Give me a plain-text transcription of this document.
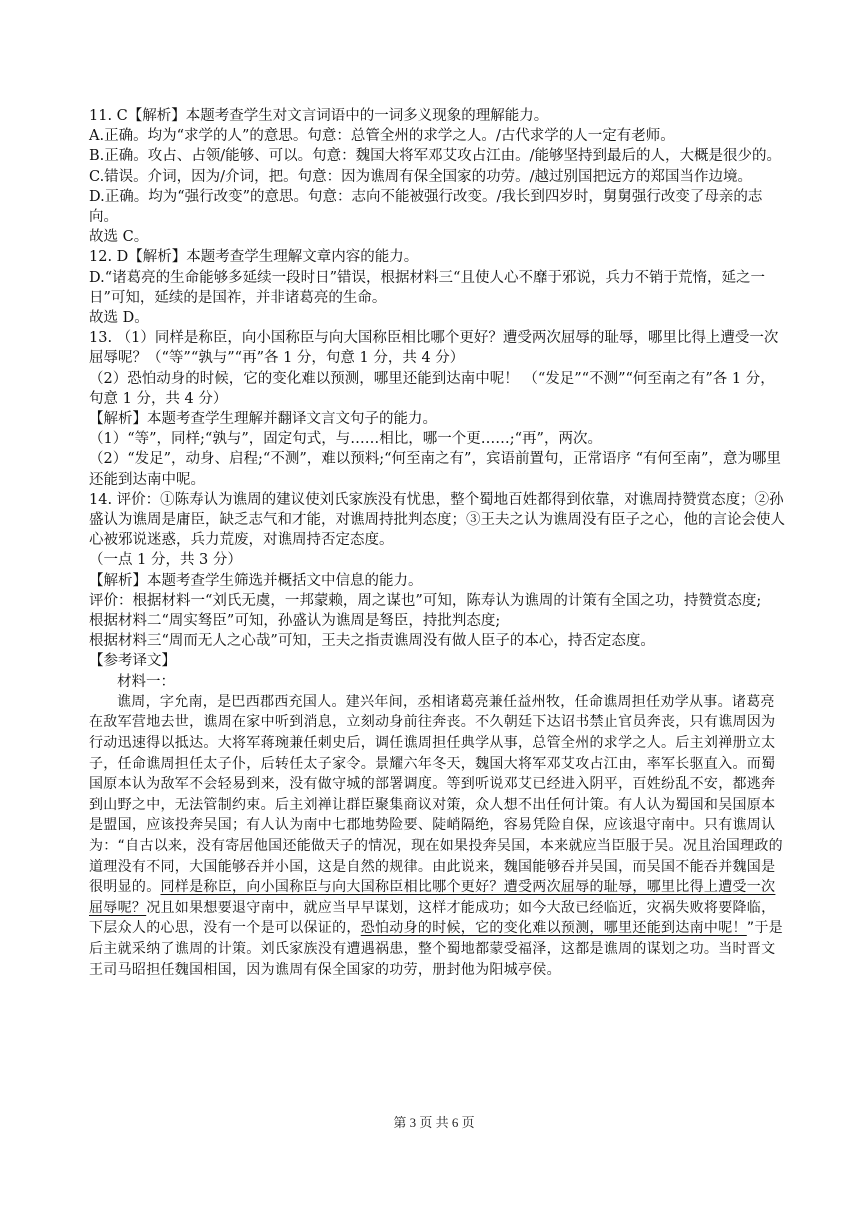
11. C【解析】本题考查学生对文言词语中的一词多义现象的理解能力。

A.正确。均为“求学的人”的意思。句意：总管全州的求学之人。/古代求学的人一定有老师。

B.正确。攻占、占领/能够、可以。句意：魏国大将军邓艾攻占江由。/能够坚持到最后的人，大概是很少的。

C.错误。介词，因为/介词，把。句意：因为谯周有保全国家的功劳。/越过别国把远方的郑国当作边境。

D.正确。均为“强行改变”的意思。句意：志向不能被强行改变。/我长到四岁时，舅舅强行改变了母亲的志向。

故选 C。

12. D【解析】本题考查学生理解文章内容的能力。

D.“诸葛亮的生命能够多延续一段时日”错误，根据材料三“且使人心不靡于邪说，兵力不销于荒惰，延之一日”可知，延续的是国祚，并非诸葛亮的生命。

故选 D。

13. （1）同样是称臣，向小国称臣与向大国称臣相比哪个更好？遭受两次屈辱的耻辱，哪里比得上遭受一次屈辱呢？（“等”“孰与”“再”各 1 分，句意 1 分，共 4 分）

（2）恐怕动身的时候，它的变化难以预测，哪里还能到达南中呢！ （“发足”“不测”“何至南之有”各 1 分，句意 1 分，共 4 分）

【解析】本题考查学生理解并翻译文言文句子的能力。

（1）“等”，同样;“孰与”，固定句式，与……相比，哪一个更……;“再”，两次。

（2）“发足”，动身、启程;“不测”，难以预料;“何至南之有”，宾语前置句，正常语序 “有何至南”，意为哪里还能到达南中呢。

14. 评价：①陈寿认为谯周的建议使刘氏家族没有忧患，整个蜀地百姓都得到依靠，对谯周持赞赏态度；②孙盛认为谯周是庸臣，缺乏志气和才能，对谯周持批判态度；③王夫之认为谯周没有臣子之心，他的言论会使人心被邪说迷惑，兵力荒废，对谯周持否定态度。

（一点 1 分，共 3 分）

【解析】本题考查学生筛选并概括文中信息的能力。

评价：根据材料一“刘氏无虞，一邦蒙赖，周之谋也”可知，陈寿认为谯周的计策有全国之功，持赞赏态度;

根据材料二“周实驽臣”可知，孙盛认为谯周是驽臣，持批判态度;

根据材料三“周而无人之心哉”可知，王夫之指责谯周没有做人臣子的本心，持否定态度。

【参考译文】

材料一：

谯周，字允南，是巴西郡西充国人。建兴年间，丞相诸葛亮兼任益州牧，任命谯周担任劝学从事。诸葛亮在敌军营地去世，谯周在家中听到消息，立刻动身前往奔丧。不久朝廷下达诏书禁止官员奔丧，只有谯周因为行动迅速得以抵达。大将军蒋琬兼任刺史后，调任谯周担任典学从事，总管全州的求学之人。后主刘禅册立太子，任命谯周担任太子仆，后转任太子家令。景耀六年冬天，魏国大将军邓艾攻占江由，率军长驱直入。而蜀国原本认为敌军不会轻易到来，没有做守城的部署调度。等到听说邓艾已经进入阴平，百姓纷乱不安，都逃奔到山野之中，无法管制约束。后主刘禅让群臣聚集商议对策，众人想不出任何计策。有人认为蜀国和吴国原本是盟国，应该投奔吴国；有人认为南中七郡地势险要、陡峭隔绝，容易凭险自保，应该退守南中。只有谯周认为：“自古以来，没有寄居他国还能做天子的情况，现在如果投奔吴国，本来就应当臣服于吴。况且治国理政的道理没有不同，大国能够吞并小国，这是自然的规律。由此说来，魏国能够吞并吴国，而吴国不能吞并魏国是很明显的。同样是称臣，向小国称臣与向大国称臣相比哪个更好？遭受两次屈辱的耻辱，哪里比得上遭受一次屈辱呢？况且如果想要退守南中，就应当早早谋划，这样才能成功；如今大敌已经临近，灾祸失败将要降临，下层众人的心思，没有一个是可以保证的，恐怕动身的时候，它的变化难以预测，哪里还能到达南中呢！”于是后主就采纳了谯周的计策。刘氏家族没有遭遇祸患，整个蜀地都蒙受福泽，这都是谯周的谋划之功。当时晋文王司马昭担任魏国相国，因为谯周有保全国家的功劳，册封他为阳城亭侯。

第 3 页 共 6 页
